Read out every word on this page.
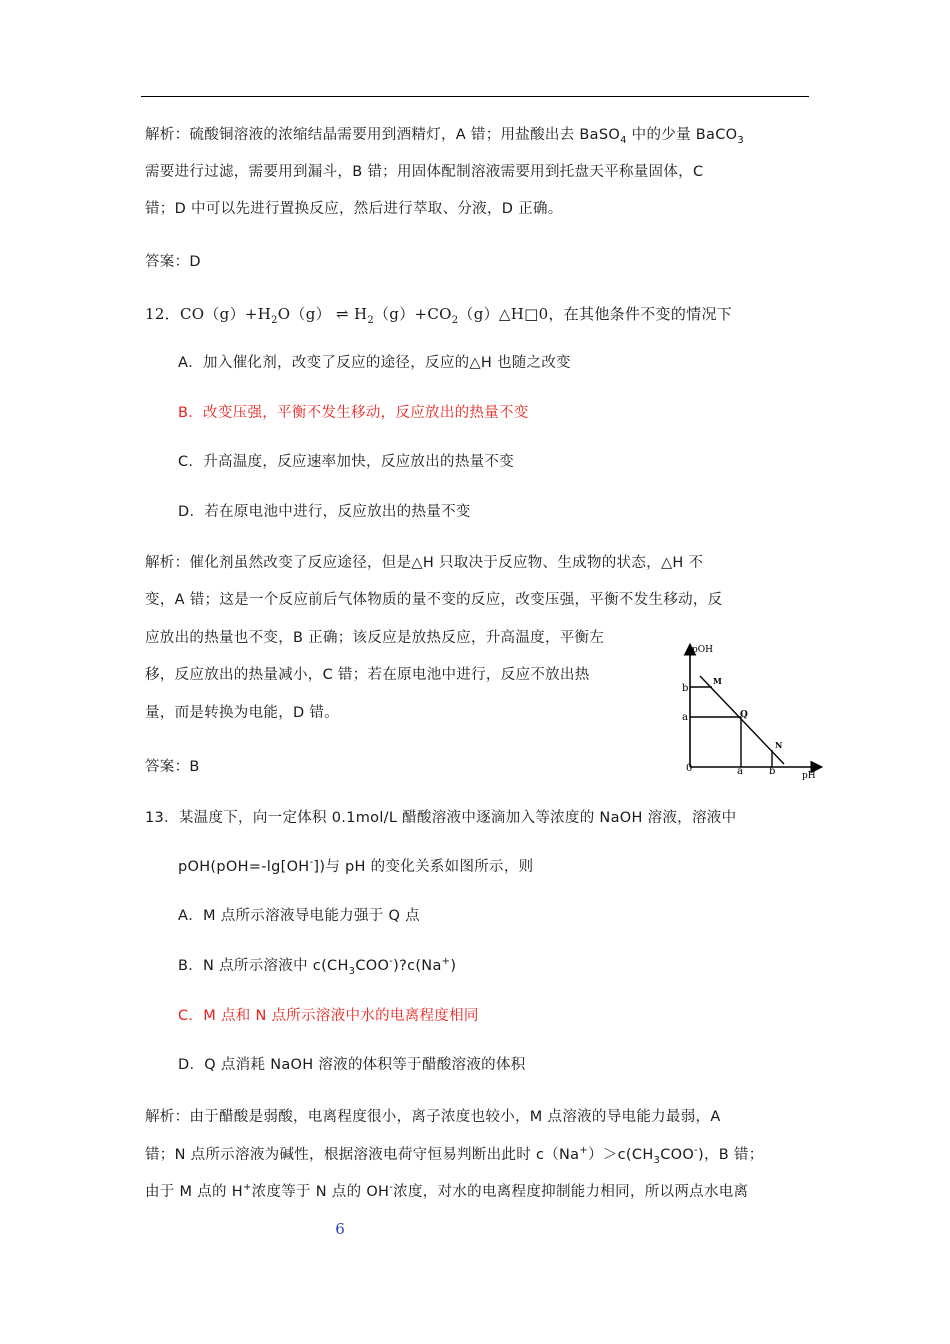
解析：硫酸铜溶液的浓缩结晶需要用到酒精灯，A 错；用盐酸出去 BaSO$_4$ 中的少量 BaCO$_3$
需要进行过滤，需要用到漏斗，B 错；用固体配制溶液需要用到托盘天平称量固体，C
错；D 中可以先进行置换反应，然后进行萃取、分液，D 正确。
答案：D
12．$CO(g)+H_2O(g)$ ⇌ $H_2(g)+CO_2(g)\triangle H□0$，在其他条件不变的情况下
A．加入催化剂，改变了反应的途径，反应的△H 也随之改变
B．改变压强，平衡不发生移动，反应放出的热量不变
C．升高温度，反应速率加快，反应放出的热量不变
D．若在原电池中进行，反应放出的热量不变
解析：催化剂虽然改变了反应途径，但是△H 只取决于反应物、生成物的状态，△H 不
变，A 错；这是一个反应前后气体物质的量不变的反应，改变压强，平衡不发生移动，反
应放出的热量也不变，B 正确；该反应是放热反应，升高温度，平衡左
移，反应放出的热量减小，C 错；若在原电池中进行，反应不放出热
量，而是转换为电能，D 错。
答案：B
pOH
pH
0
b
a
a	b
M
Q
N
13．某温度下，向一定体积 0.1mol/L 醋酸溶液中逐滴加入等浓度的 NaOH 溶液，溶液中
pOH(pOH=-lg[OH-])与 pH 的变化关系如图所示，则
A．M 点所示溶液导电能力强于 Q 点
B．N 点所示溶液中 $c(CH_3COO^-)?c(Na^+)$
C．M 点和 N 点所示溶液中水的电离程度相同
D．Q 点消耗 NaOH 溶液的体积等于醋酸溶液的体积
解析：由于醋酸是弱酸，电离程度很小，离子浓度也较小，M 点溶液的导电能力最弱，A
错；N 点所示溶液为碱性，根据溶液电荷守恒易判断出此时 $c(Na^+)>c(CH_3COO^-)$，B 错；
由于 M 点的 H+浓度等于 N 点的 OH-浓度，对水的电离程度抑制能力相同，所以两点水电离
6
